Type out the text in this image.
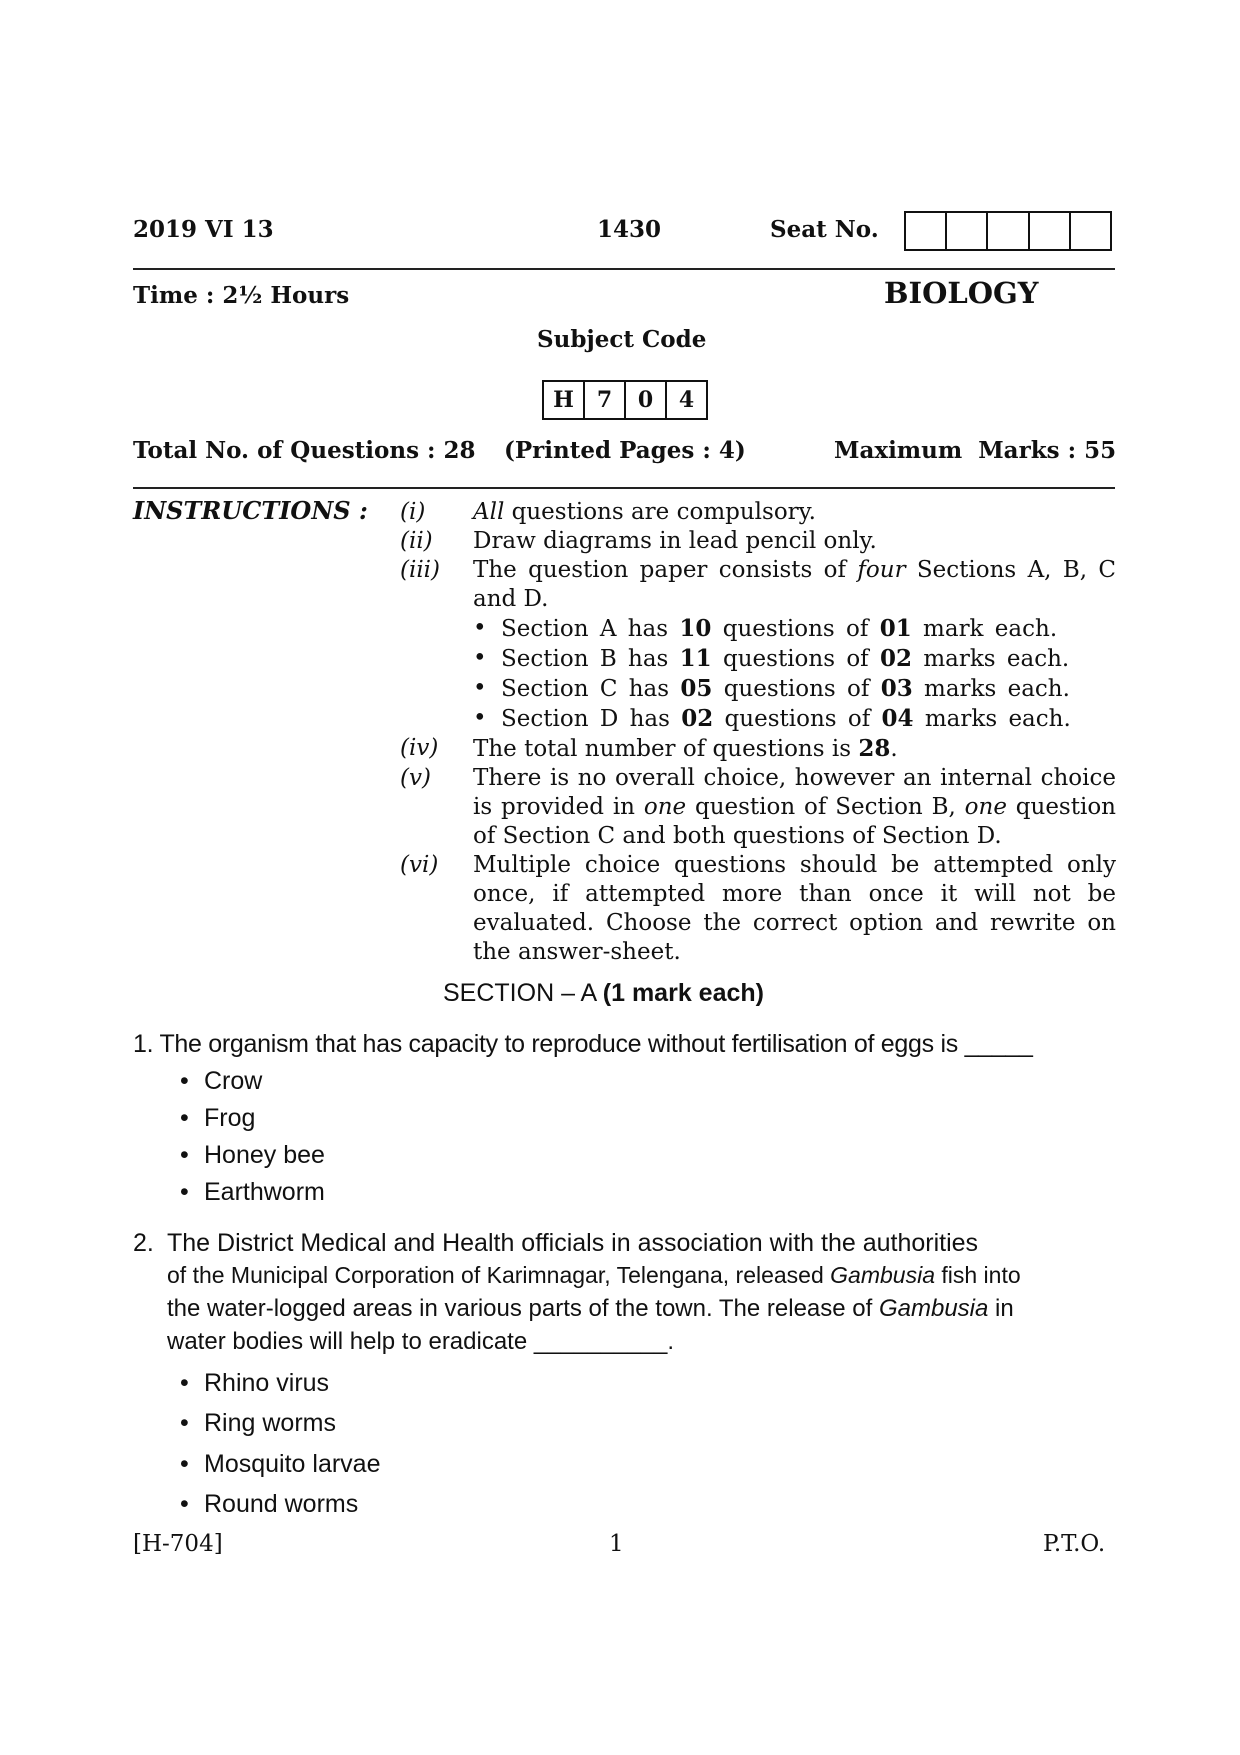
2019 VI 13	1430	Seat No.
Time : 2½ Hours	BIOLOGY
Subject Code
H	7	0	4
Total No. of Questions : 28 (Printed Pages : 4)	Maximum  Marks : 55
INSTRUCTIONS : (i)	All questions are compulsory.
(ii)	Draw diagrams in lead pencil only.
(iii)	The question paper consists of four Sections A, B, C and D.
• Section A has 10 questions of 01 mark each.
• Section B has 11 questions of 02 marks each.
• Section C has 05 questions of 03 marks each.
• Section D has 02 questions of 04 marks each.
(iv)	The total number of questions is 28.
(v)	There is no overall choice, however an internal choice is provided in one question of Section B, one question of Section C and both questions of Section D.
(vi)	Multiple choice questions should be attempted only once, if attempted more than once it will not be evaluated. Choose the correct option and rewrite on the answer-sheet.
SECTION – A (1 mark each)
1. The organism that has capacity to reproduce without fertilisation of eggs is _____
• Crow
• Frog
• Honey bee
• Earthworm
2. The District Medical and Health officials in association with the authorities
of the Municipal Corporation of Karimnagar, Telengana, released Gambusia fish into
the water-logged areas in various parts of the town. The release of Gambusia in
water bodies will help to eradicate __________.
• Rhino virus
• Ring worms
• Mosquito larvae
• Round worms
[H-704]	1	P.T.O.
